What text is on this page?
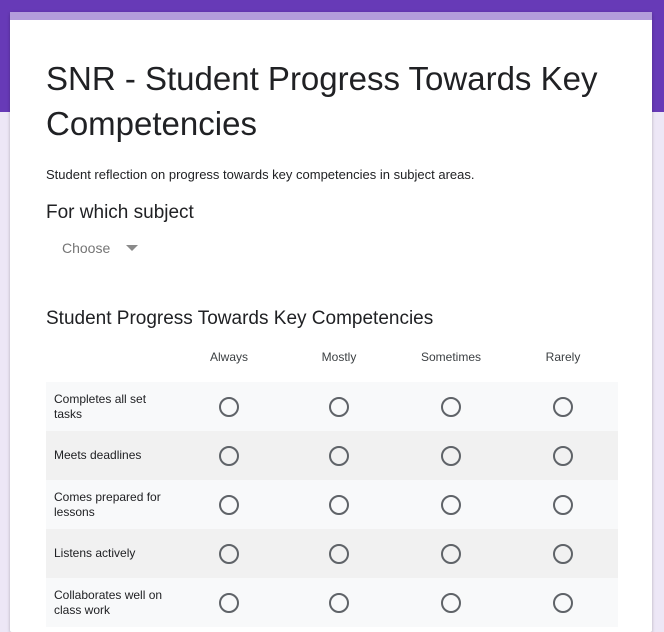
SNR - Student Progress Towards Key Competencies

Student reflection on progress towards key competencies in subject areas.

For which subject
Choose
Student Progress Towards Key Competencies
Always	Mostly	Sometimes	Rarely
Completes all set tasks
Meets deadlines
Comes prepared for lessons
Listens actively
Collaborates well on class work
